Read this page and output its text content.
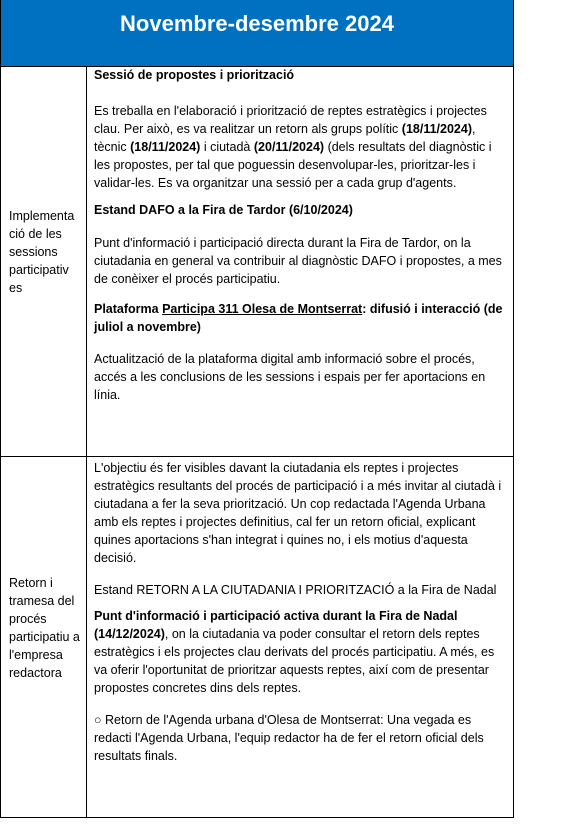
Novembre-desembre 2024
Implementa ció de les sessions participativ es
Retorn i tramesa del procés participatiu a l'empresa redactora

Sessió de propostes i priorització

Es treballa en l'elaboració i priorització de reptes estratègics i projectes clau. Per això, es va realitzar un retorn als grups polític (18/11/2024), tècnic (18/11/2024) i ciutadà (20/11/2024) (dels resultats del diagnòstic i les propostes, per tal que poguessin desenvolupar-les, prioritzar-les i validar-les. Es va organitzar una sessió per a cada grup d'agents.

Estand DAFO a la Fira de Tardor (6/10/2024)

Punt d'informació i participació directa durant la Fira de Tardor, on la ciutadania en general va contribuir al diagnòstic DAFO i propostes, a mes de conèixer el procés participatiu.

Plataforma Participa 311 Olesa de Montserrat: difusió i interacció (de juliol a novembre)

Actualització de la plataforma digital amb informació sobre el procés, accés a les conclusions de les sessions i espais per fer aportacions en línia.

L'objectiu és fer visibles davant la ciutadania els reptes i projectes estratègics resultants del procés de participació i a més invitar al ciutadà i ciutadana a fer la seva priorització. Un cop redactada l'Agenda Urbana amb els reptes i projectes definitius, cal fer un retorn oficial, explicant quines aportacions s'han integrat i quines no, i els motius d'aquesta decisió.

Estand RETORN A LA CIUTADANIA I PRIORITZACIÓ a la Fira de Nadal

Punt d'informació i participació activa durant la Fira de Nadal (14/12/2024), on la ciutadania va poder consultar el retorn dels reptes estratègics i els projectes clau derivats del procés participatiu. A més, es va oferir l'oportunitat de prioritzar aquests reptes, així com de presentar propostes concretes dins dels reptes.

○ Retorn de l'Agenda urbana d'Olesa de Montserrat: Una vegada es redacti l'Agenda Urbana, l'equip redactor ha de fer el retorn oficial dels resultats finals.
